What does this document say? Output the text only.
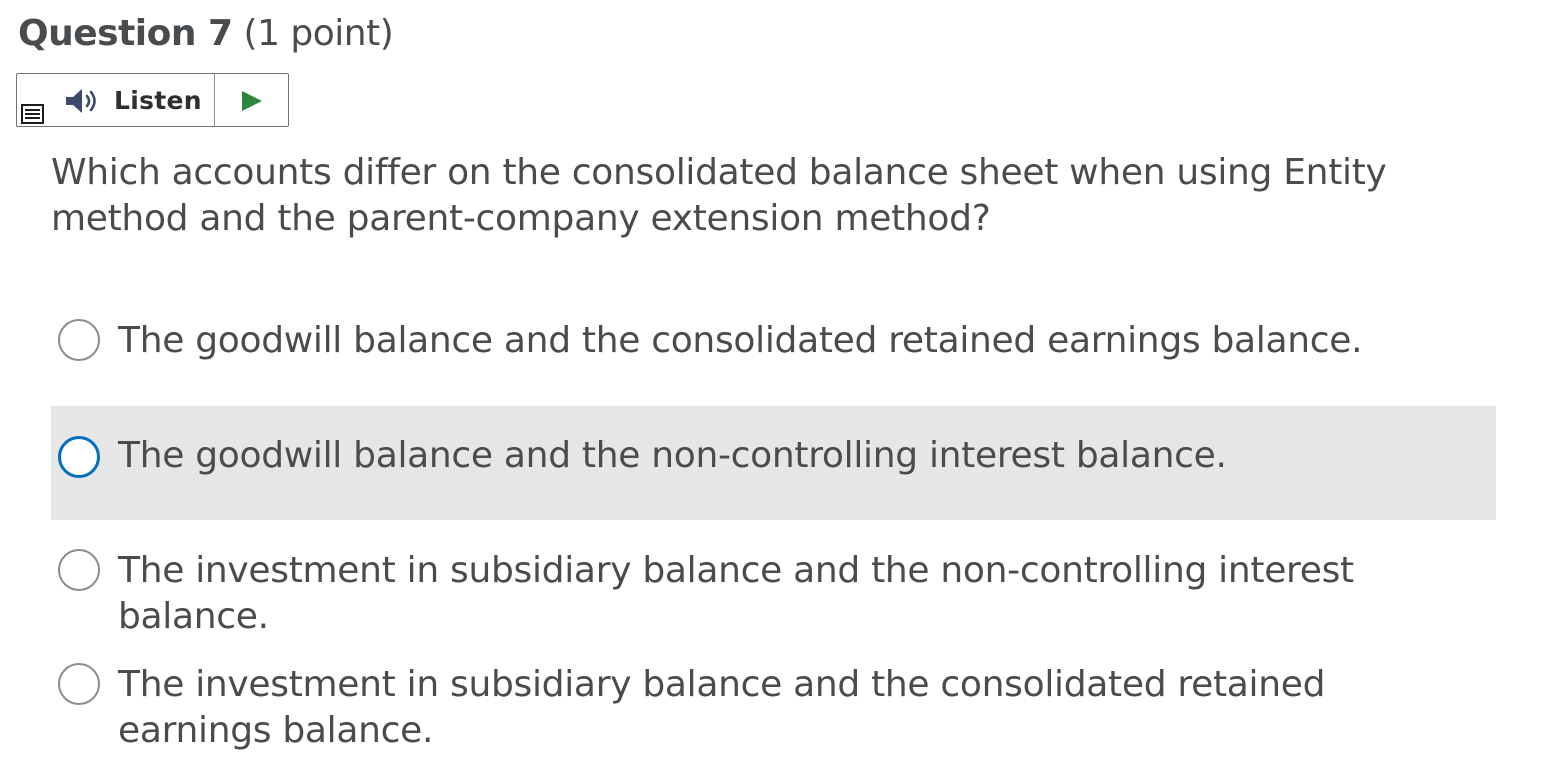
Question 7 (1 point)
Listen
Which accounts differ on the consolidated balance sheet when using Entity method and the parent-company extension method?
The goodwill balance and the consolidated retained earnings balance.
The goodwill balance and the non-controlling interest balance.
The investment in subsidiary balance and the non-controlling interest balance.
The investment in subsidiary balance and the consolidated retained earnings balance.
